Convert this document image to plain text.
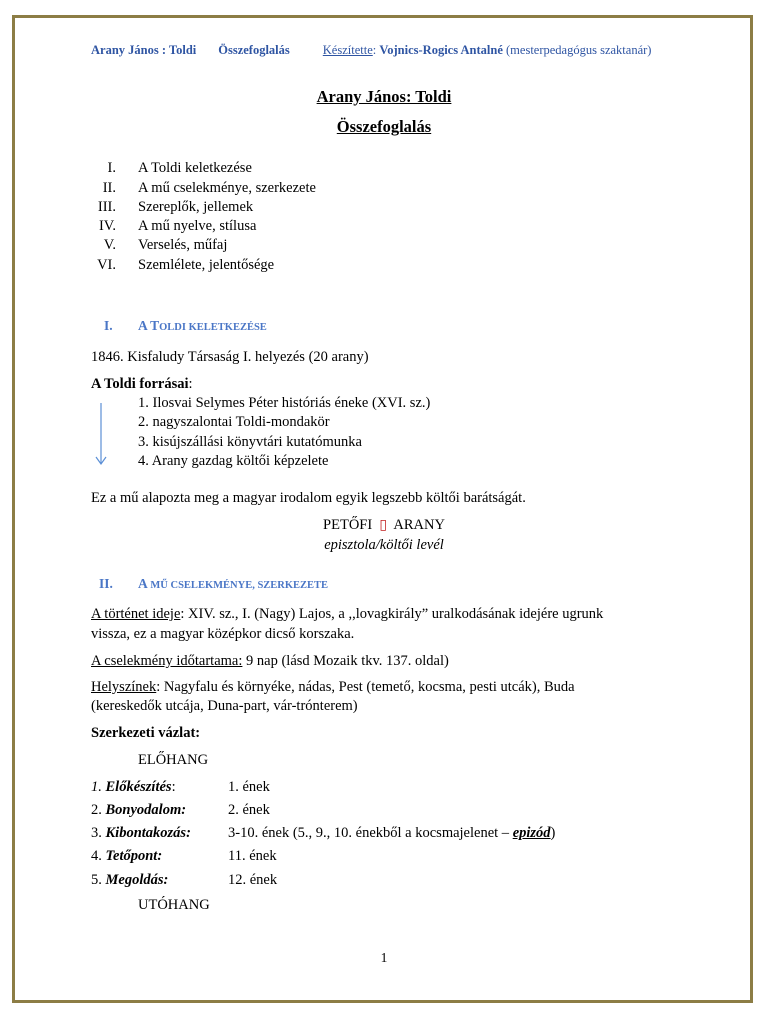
Arany János : Toldi Összefoglalás	Készítette: Vojnics-Rogics Antalné (mesterpedagógus szaktanár)
Arany János: Toldi
Összefoglalás
I. A Toldi keletkezése
II. A mű cselekménye, szerkezete
III. Szereplők, jellemek
IV. A mű nyelve, stílusa
V. Verselés, műfaj
VI. Szemlélete, jelentősége
I. A TOLDI KELETKEZÉSE
1846. Kisfaludy Társaság I. helyezés (20 arany)
A Toldi forrásai:
1. Ilosvai Selymes Péter históriás éneke (XVI. sz.)
2. nagyszalontai Toldi-mondakör
3. kisújszállási könyvtári kutatómunka
4. Arany gazdag költői képzelete
Ez a mű alapozta meg a magyar irodalom egyik legszebb költői barátságát.
PETŐFI  ▯  ARANY
episztola/költői levél
II. A MŰ CSELEKMÉNYE, SZERKEZETE
A történet ideje: XIV. sz., I. (Nagy) Lajos, a ,,lovagkirály” uralkodásának idejére ugrunk
vissza, ez a magyar középkor dicső korszaka.
A cselekmény időtartama: 9 nap (lásd Mozaik tkv. 137. oldal)
Helyszínek: Nagyfalu és környéke, nádas, Pest (temető, kocsma, pesti utcák), Buda
(kereskedők utcája, Duna-part, vár-trónterem)
Szerkezeti vázlat:
ELŐHANG
1. Előkészítés:	1. ének
2. Bonyodalom:	2. ének
3. Kibontakozás:	3-10. ének (5., 9., 10. énekből a kocsmajelenet – epizód)
4. Tetőpont:	11. ének
5. Megoldás:	12. ének
UTÓHANG
1
